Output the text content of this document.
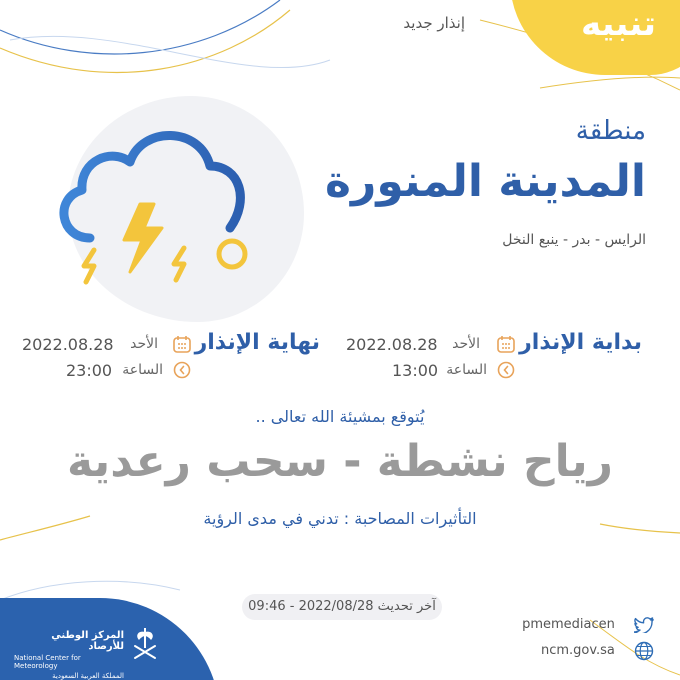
تنبيه
إنذار جديد
منطقة
المدينة المنورة
الرايس - بدر - ينبع النخل
بداية الإنذار
الأحد
2022.08.28
الساعة
13:00
نهاية الإنذار
الأحد
2022.08.28
الساعة
23:00
يُتوقع بمشيئة الله تعالى ..
رياح نشطة - سحب رعدية
التأثيرات المصاحبة : تدني في مدى الرؤية
آخر تحديث 2022/08/28 - 09:46
المركز الوطني للأرصاد
National Center for Meteorology
المملكة العربية السعودية
pmemediacen
ncm.gov.sa
